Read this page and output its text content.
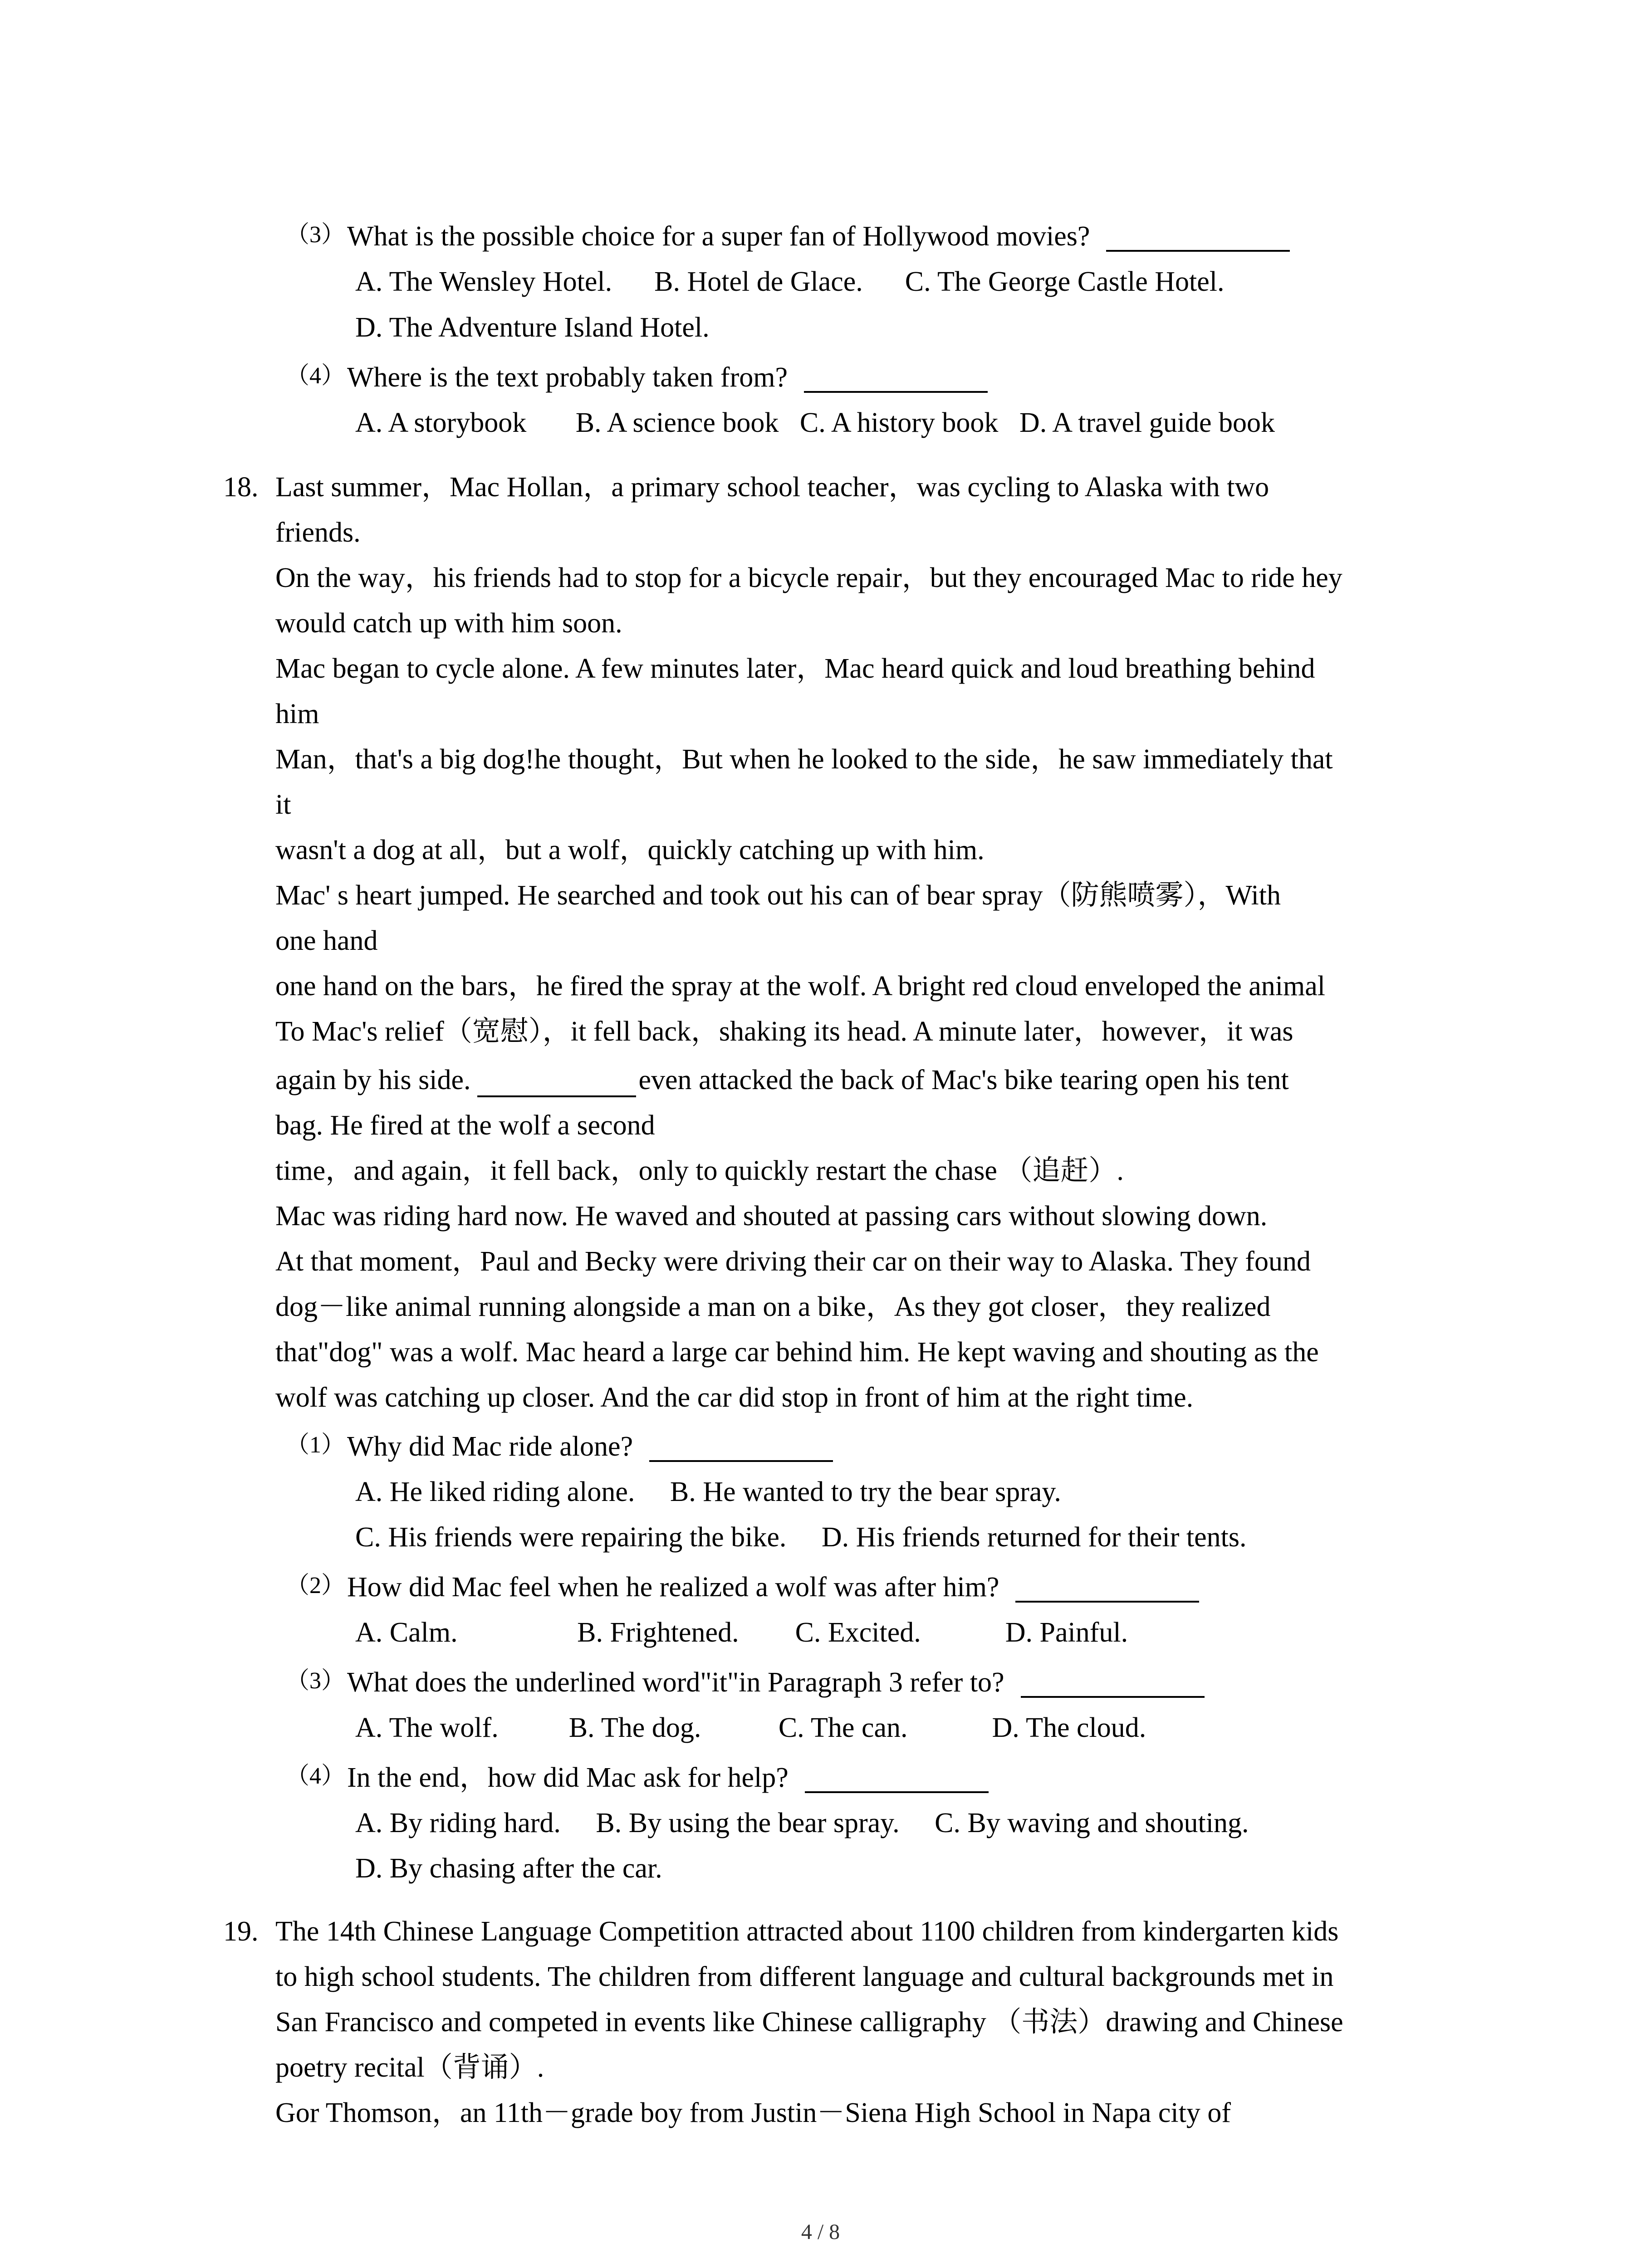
（3） What is the possible choice for a super fan of Hollywood movies?
A. The Wensley Hotel.      B. Hotel de Glace.      C. The George Castle Hotel.
D. The Adventure Island Hotel.
（4） Where is the text probably taken from?
A. A storybook       B. A science book   C. A history book   D. A travel guide book
18. Last summer，Mac Hollan，a primary school teacher，was cycling to Alaska with two
friends.
On the way，his friends had to stop for a bicycle repair，but they encouraged Mac to ride hey
would catch up with him soon.
Mac began to cycle alone. A few minutes later，Mac heard quick and loud breathing behind
him
Man，that's a big dog!he thought，But when he looked to the side，he saw immediately that
it
wasn't a dog at all，but a wolf，quickly catching up with him.
Mac' s heart jumped. He searched and took out his can of bear spray（防熊喷雾），With
one hand
one hand on the bars，he fired the spray at the wolf. A bright red cloud enveloped the animal
To Mac's relief（宽慰），it fell back，shaking its head. A minute later，however，it was
again by his side.	even attacked the back of Mac's bike tearing open his tent
bag. He fired at the wolf a second
time，and again，it fell back，only to quickly restart the chase （追赶）.
Mac was riding hard now. He waved and shouted at passing cars without slowing down.
At that moment，Paul and Becky were driving their car on their way to Alaska. They found
dog－like animal running alongside a man on a bike，As they got closer，they realized
that"dog" was a wolf. Mac heard a large car behind him. He kept waving and shouting as the
wolf was catching up closer. And the car did stop in front of him at the right time.
（1） Why did Mac ride alone?
A. He liked riding alone.     B. He wanted to try the bear spray.
C. His friends were repairing the bike.     D. His friends returned for their tents.
（2） How did Mac feel when he realized a wolf was after him?
A. Calm.                 B. Frightened.        C. Excited.            D. Painful.
（3） What does the underlined word"it"in Paragraph 3 refer to?
A. The wolf.          B. The dog.           C. The can.            D. The cloud.
（4） In the end，how did Mac ask for help?
A. By riding hard.     B. By using the bear spray.     C. By waving and shouting.
D. By chasing after the car.
19. The 14th Chinese Language Competition attracted about 1100 children from kindergarten kids
to high school students. The children from different language and cultural backgrounds met in
San Francisco and competed in events like Chinese calligraphy （书法）drawing and Chinese
poetry recital（背诵）.
Gor Thomson，an 11th－grade boy from Justin－Siena High School in Napa city of
4 / 8
